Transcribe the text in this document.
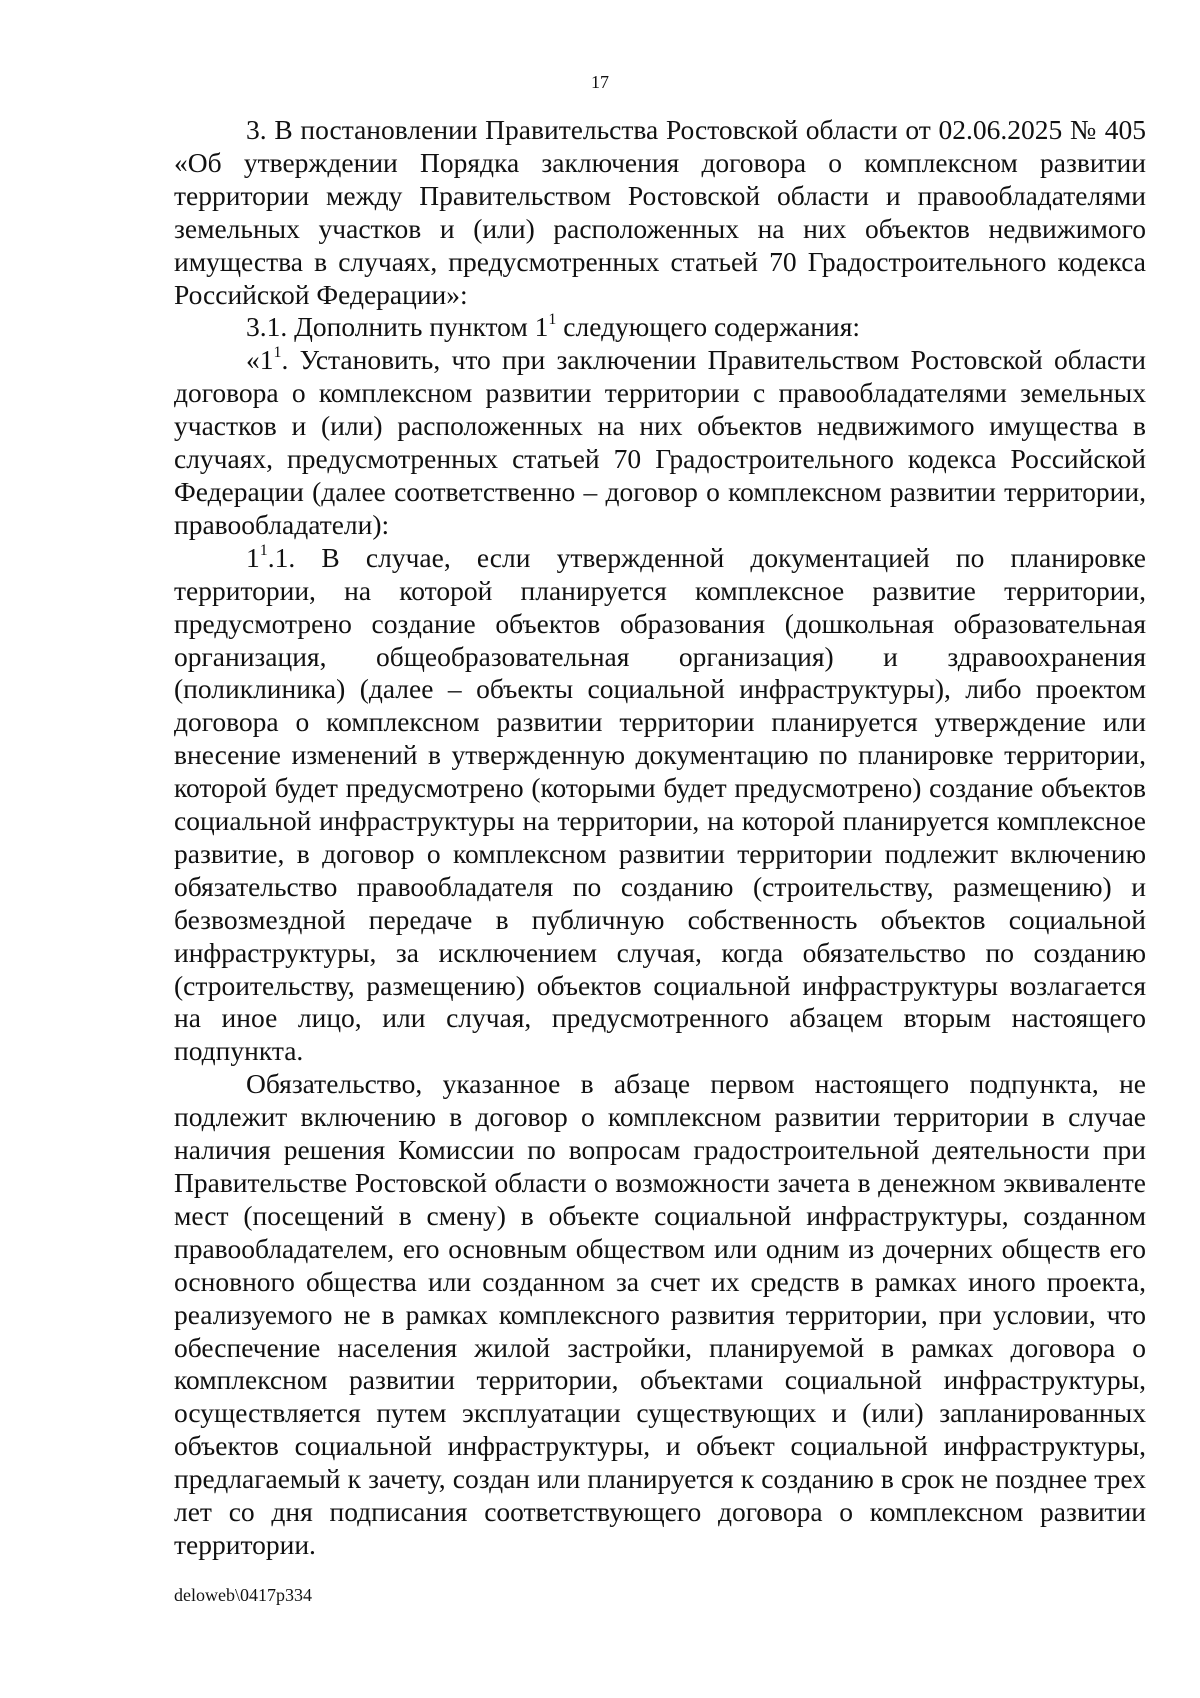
17

3. В постановлении Правительства Ростовской области от 02.06.2025 № 405 «Об утверждении Порядка заключения договора о комплексном развитии территории между Правительством Ростовской области и правообладателями земельных участков и (или) расположенных на них объектов недвижимого имущества в случаях, предусмотренных статьей 70 Градостроительного кодекса Российской Федерации»:

3.1. Дополнить пунктом $1^1$ следующего содержания:

«$1^1$. Установить, что при заключении Правительством Ростовской области договора о комплексном развитии территории с правообладателями земельных участков и (или) расположенных на них объектов недвижимого имущества в случаях, предусмотренных статьей 70 Градостроительного кодекса Российской Федерации (далее соответственно – договор о комплексном развитии территории, правообладатели):

$1^1.1$. В случае, если утвержденной документацией по планировке территории, на которой планируется комплексное развитие территории, предусмотрено создание объектов образования (дошкольная образовательная организация, общеобразовательная организация) и здравоохранения (поликлиника) (далее – объекты социальной инфраструктуры), либо проектом договора о комплексном развитии территории планируется утверждение или внесение изменений в утвержденную документацию по планировке территории, которой будет предусмотрено (которыми будет предусмотрено) создание объектов социальной инфраструктуры на территории, на которой планируется комплексное развитие, в договор о комплексном развитии территории подлежит включению обязательство правообладателя по созданию (строительству, размещению) и безвозмездной передаче в публичную собственность объектов социальной инфраструктуры, за исключением случая, когда обязательство по созданию (строительству, размещению) объектов социальной инфраструктуры возлагается на иное лицо, или случая, предусмотренного абзацем вторым настоящего подпункта.

Обязательство, указанное в абзаце первом настоящего подпункта, не подлежит включению в договор о комплексном развитии территории в случае наличия решения Комиссии по вопросам градостроительной деятельности при Правительстве Ростовской области о возможности зачета в денежном эквиваленте мест (посещений в смену) в объекте социальной инфраструктуры, созданном правообладателем, его основным обществом или одним из дочерних обществ его основного общества или созданном за счет их средств в рамках иного проекта, реализуемого не в рамках комплексного развития территории, при условии, что обеспечение населения жилой застройки, планируемой в рамках договора о комплексном развитии территории, объектами социальной инфраструктуры, осуществляется путем эксплуатации существующих и (или) запланированных объектов социальной инфраструктуры, и объект социальной инфраструктуры, предлагаемый к зачету, создан или планируется к созданию в срок не позднее трех лет со дня подписания соответствующего договора о комплексном развитии территории.

deloweb\0417p334
